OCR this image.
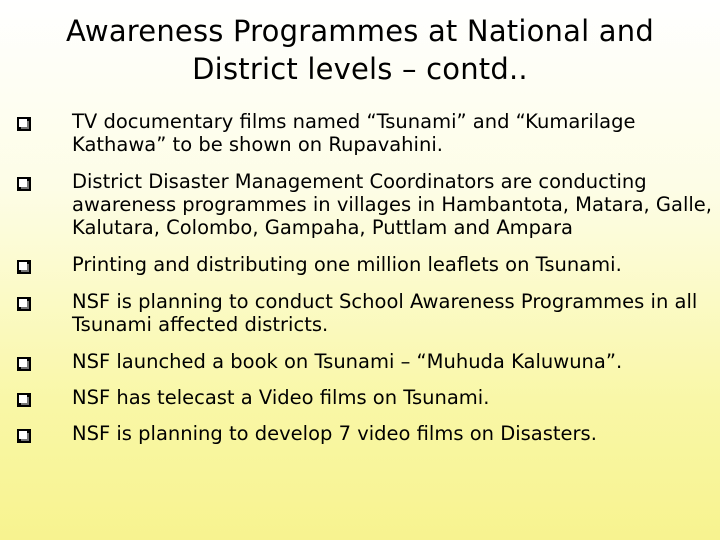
Awareness Programmes at National and
District levels – contd..
TV documentary films named “Tsunami” and “Kumarilage Kathawa” to be shown on Rupavahini.
District Disaster Management Coordinators are conducting awareness programmes in villages in Hambantota, Matara, Galle, Kalutara, Colombo, Gampaha, Puttlam and Ampara
Printing and distributing one million leaflets on Tsunami.
NSF is planning to conduct School Awareness Programmes in all Tsunami affected districts.
NSF launched a book on Tsunami – “Muhuda Kaluwuna”.
NSF has telecast a Video films on Tsunami.
NSF is planning to develop 7 video films on Disasters.
